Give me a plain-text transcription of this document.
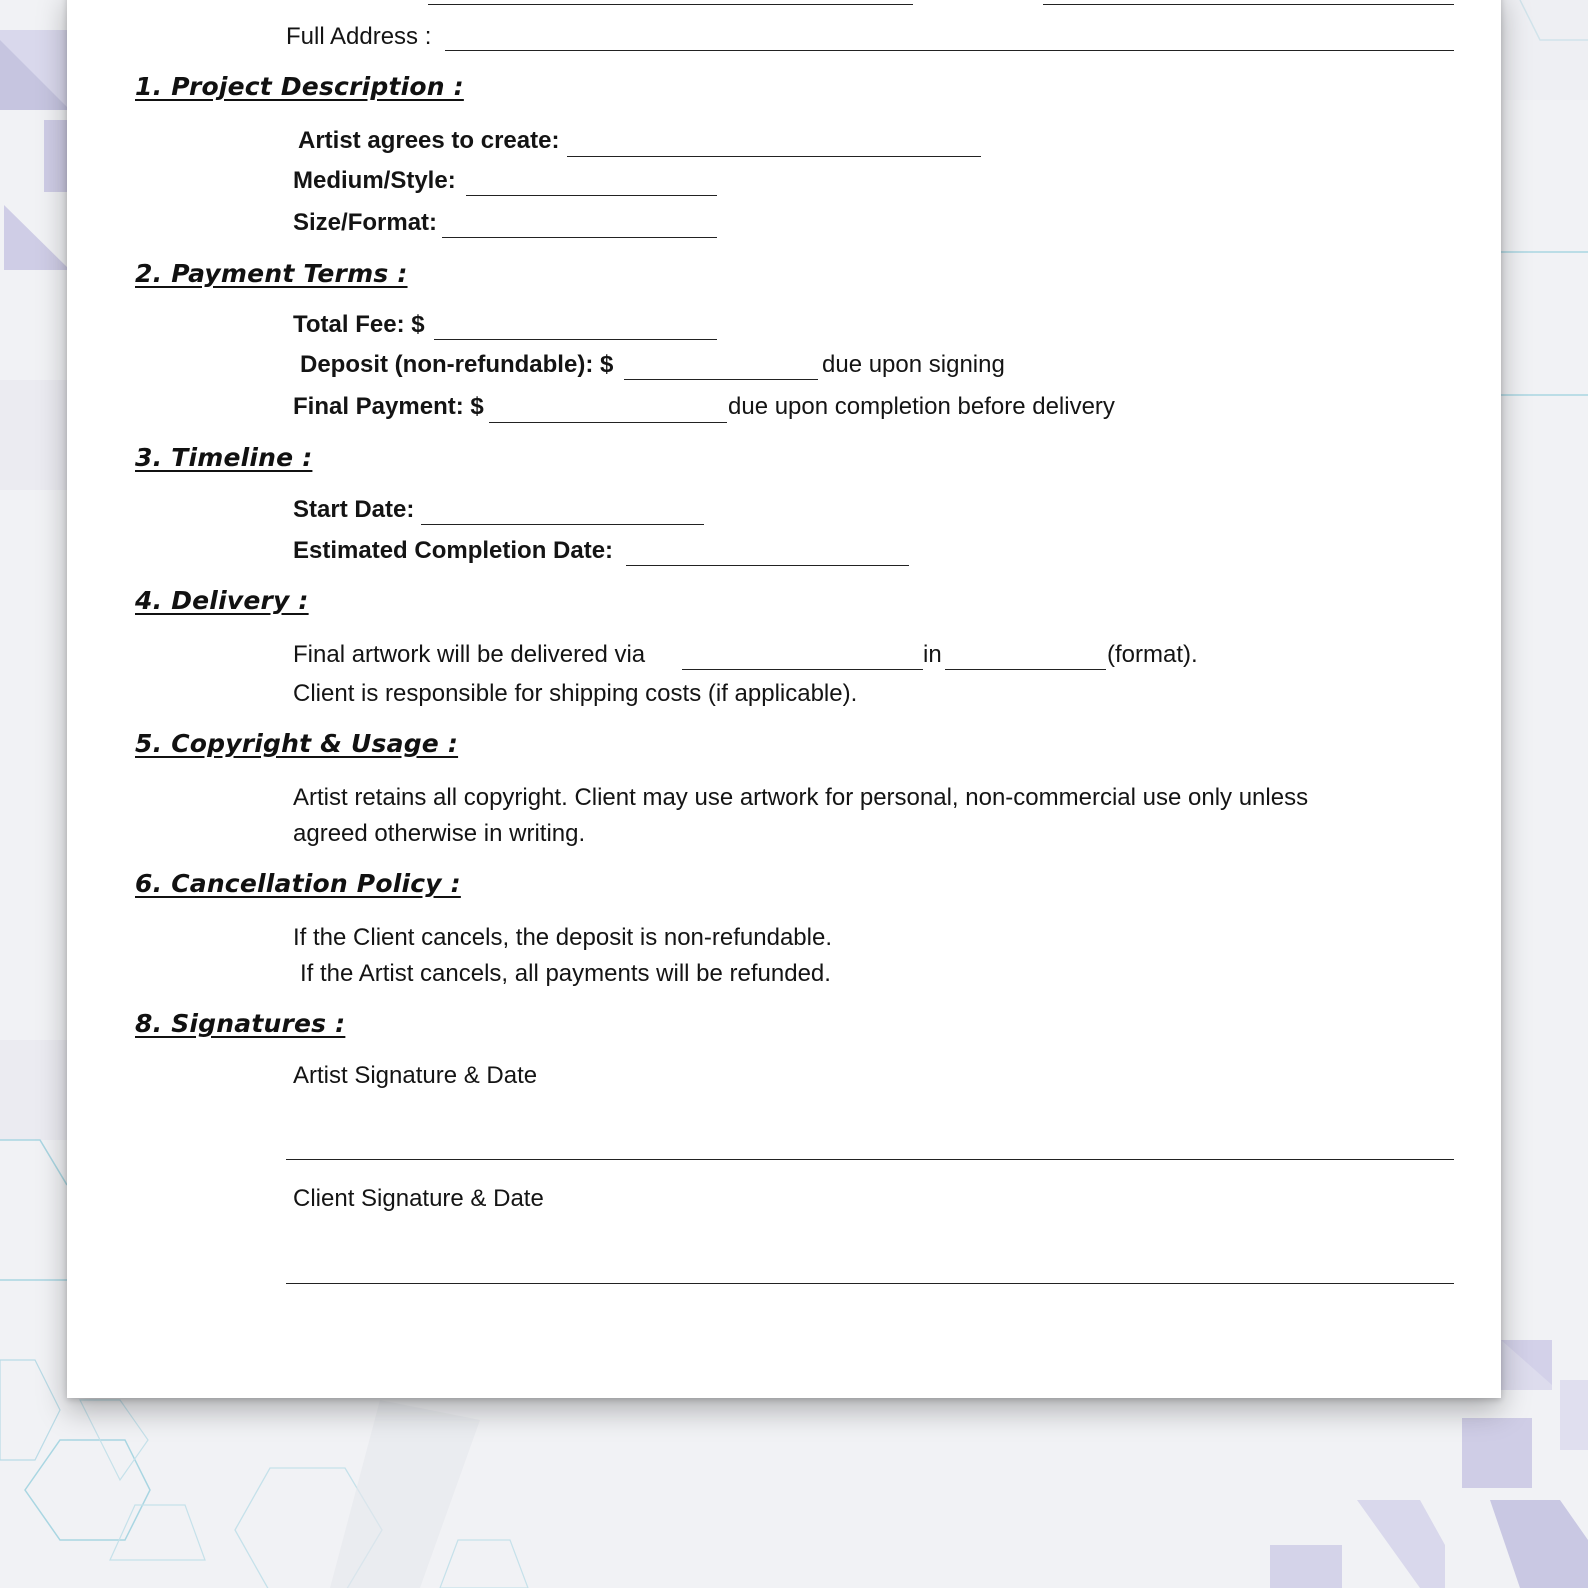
Full Address :
1. Project Description :
Artist agrees to create:
Medium/Style:
Size/Format:
2. Payment Terms :
Total Fee: $
Deposit (non-refundable): $	due upon signing
Final Payment: $	due upon completion before delivery
3. Timeline :
Start Date:
Estimated Completion Date:
4. Delivery :
Final artwork will be delivered via	in	(format).
Client is responsible for shipping costs (if applicable).
5. Copyright & Usage :
Artist retains all copyright. Client may use artwork for personal, non-commercial use only unless
agreed otherwise in writing.
6. Cancellation Policy :
If the Client cancels, the deposit is non-refundable.
If the Artist cancels, all payments will be refunded.
8. Signatures :
Artist Signature & Date
Client Signature & Date
